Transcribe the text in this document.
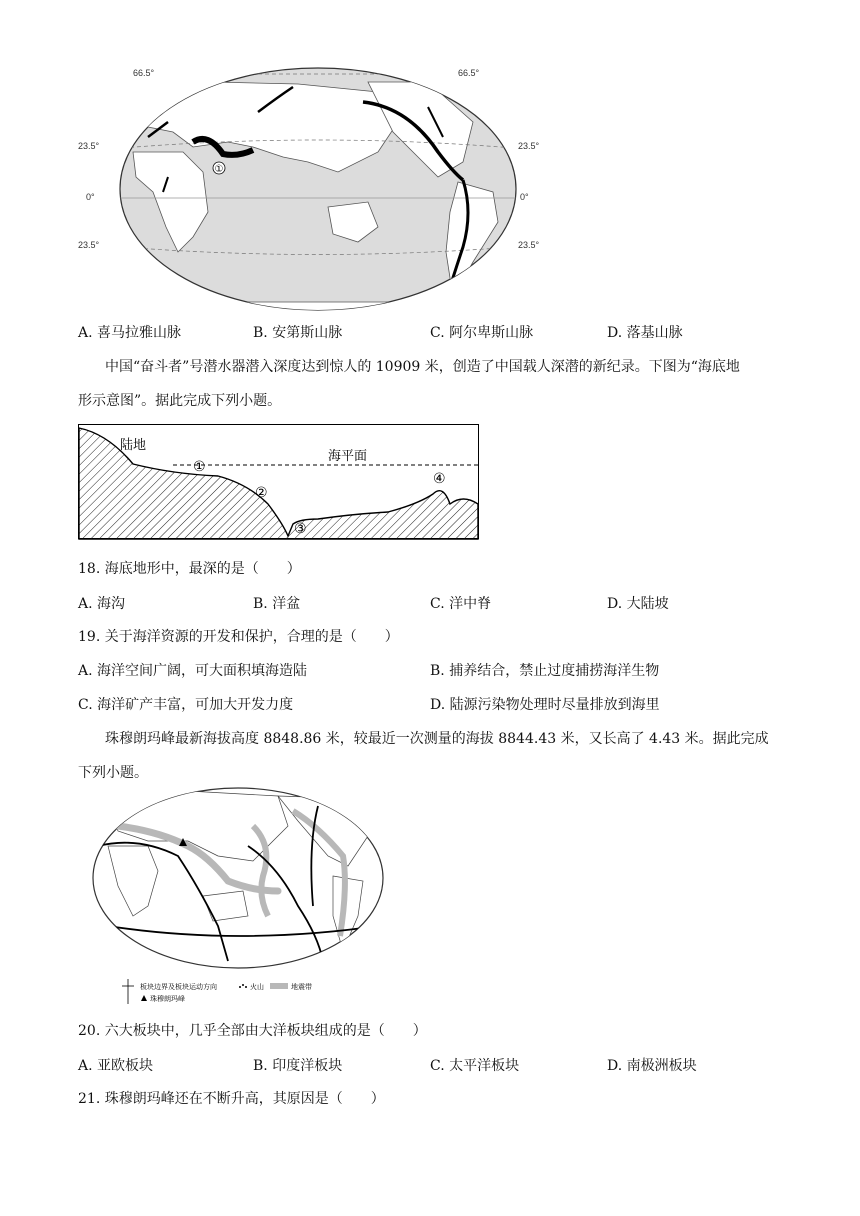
①
66.5°	66.5°
23.5°	23.5°
0°	0°
23.5°	23.5°
A. 喜马拉雅山脉	B. 安第斯山脉	C. 阿尔卑斯山脉	D. 落基山脉
中国“奋斗者”号潜水器潜入深度达到惊人的 10909 米，创造了中国载人深潜的新纪录。下图为“海底地
形示意图”。据此完成下列小题。
陆地
海平面
①
②
③
④
18. 海底地形中，最深的是（　　）
A. 海沟	B. 洋盆	C. 洋中脊	D. 大陆坡
19. 关于海洋资源的开发和保护，合理的是（　　）
A. 海洋空间广阔，可大面积填海造陆	B. 捕养结合，禁止过度捕捞海洋生物
C. 海洋矿产丰富，可加大开发力度	D. 陆源污染物处理时尽量排放到海里
珠穆朗玛峰最新海拔高度 8848.86 米，较最近一次测量的海拔 8844.43 米，又长高了 4.43 米。据此完成
下列小题。
板块边界及板块运动方向	火山	地震带
珠穆朗玛峰
20. 六大板块中，几乎全部由大洋板块组成的是（　　）
A. 亚欧板块	B. 印度洋板块	C. 太平洋板块	D. 南极洲板块
21. 珠穆朗玛峰还在不断升高，其原因是（　　）
